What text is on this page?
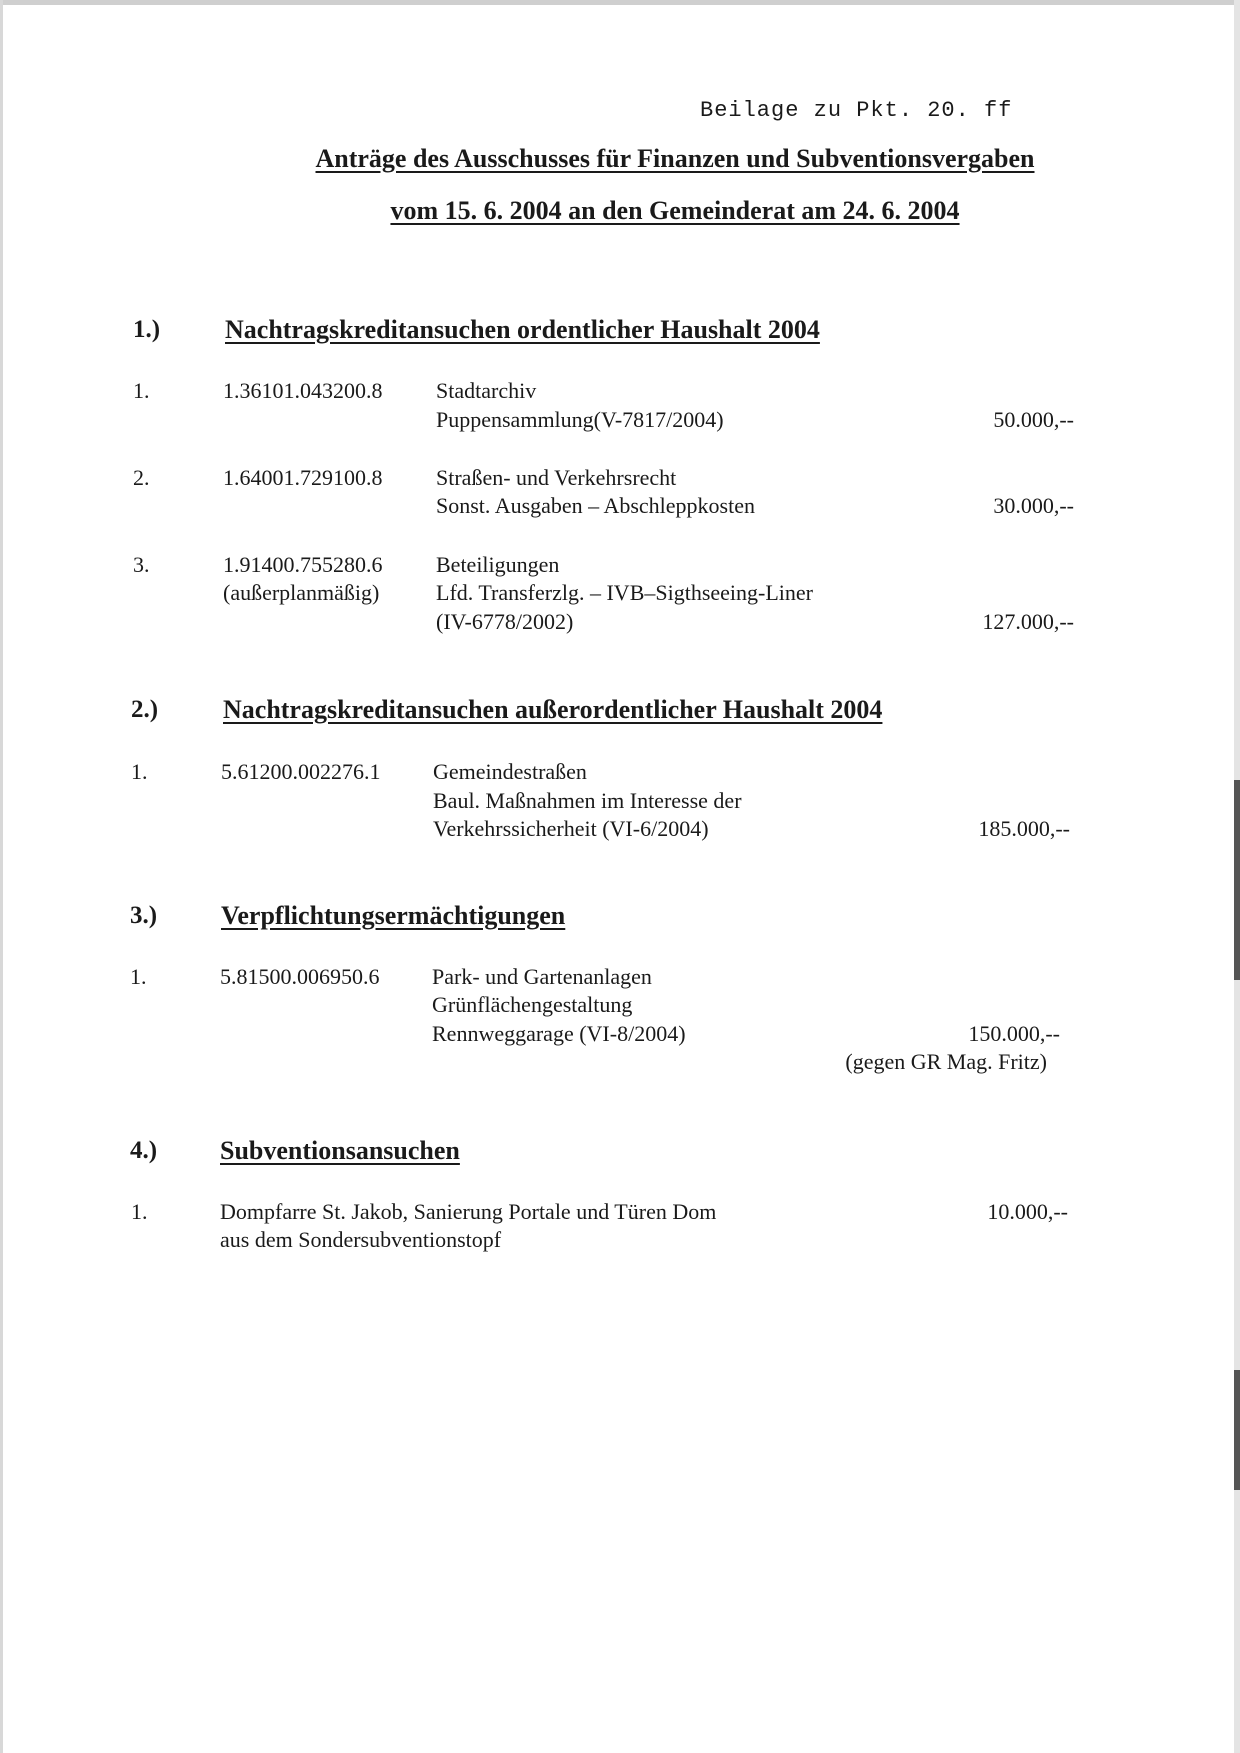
Beilage zu Pkt. 20. ff
Anträge des Ausschusses für Finanzen und Subventionsvergaben
vom 15. 6. 2004 an den Gemeinderat am 24. 6. 2004
1.) Nachtragskreditansuchen ordentlicher Haushalt 2004
1.	1.36101.043200.8 Stadtarchiv
Puppensammlung(V-7817/2004)	50.000,--
2.	1.64001.729100.8 Straßen- und Verkehrsrecht
Sonst. Ausgaben – Abschleppkosten	30.000,--
3.	1.91400.755280.6
(außerplanmäßig)
Beteiligungen
Lfd. Transferzlg. – IVB–Sigthseeing-Liner
(IV-6778/2002)	127.000,--
2.) Nachtragskreditansuchen außerordentlicher Haushalt 2004
1.	5.61200.002276.1 Gemeindestraßen
Baul. Maßnahmen im Interesse der
Verkehrssicherheit (VI-6/2004)	185.000,--
3.) Verpflichtungsermächtigungen
1.	5.81500.006950.6 Park- und Gartenanlagen
Grünflächengestaltung
Rennweggarage (VI-8/2004)	150.000,--
(gegen GR Mag. Fritz)
4.) Subventionsansuchen
1.	Dompfarre St. Jakob, Sanierung Portale und Türen Dom
aus dem Sondersubventionstopf
10.000,--
